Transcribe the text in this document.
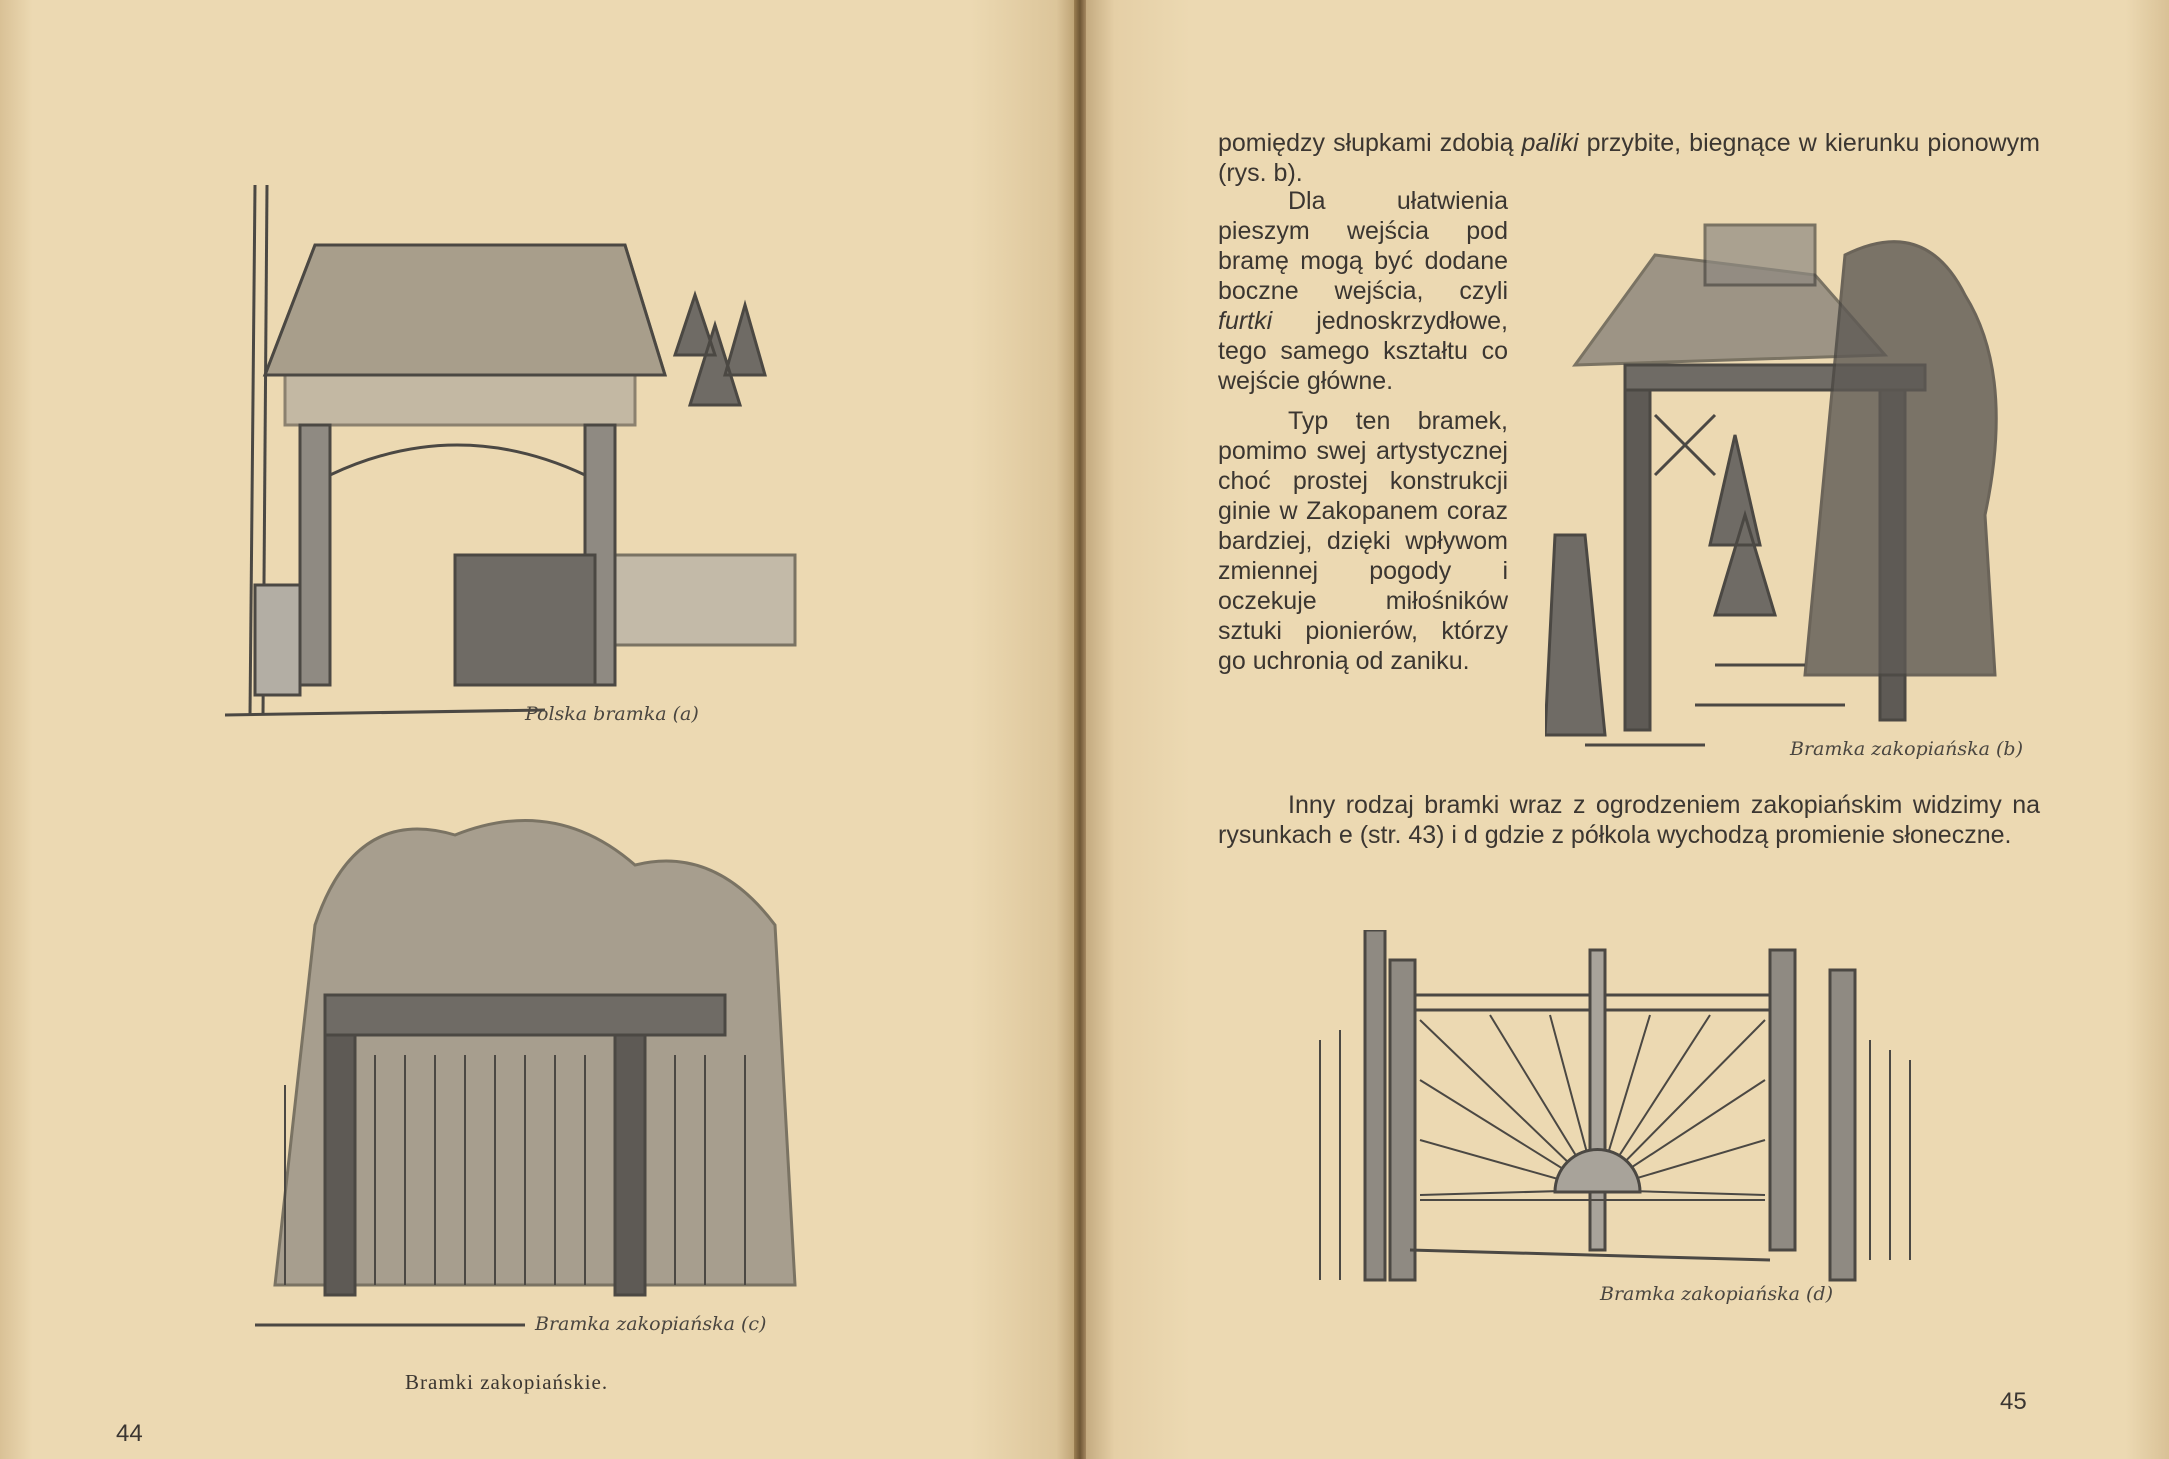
Polska bramka (a)
Bramka zakopiańska (c)
Bramki zakopiańskie.
44
pomiędzy słupkami zdobią paliki przybite, biegnące w kierunku pionowym (rys. b).

Dla ułatwienia pieszym wejścia pod bramę mogą być dodane boczne wejścia, czyli furtki jednoskrzydłowe, tego samego kształtu co wejście główne.

Typ ten bramek, pomimo swej artystycznej choć prostej konstrukcji ginie w Zakopanem coraz bardziej, dzięki wpływom zmiennej pogody i oczekuje miłośników sztuki pionierów, którzy go uchronią od zaniku.

Bramka zakopiańska (b)
Inny rodzaj bramki wraz z ogrodzeniem zakopiańskim widzimy na rysunkach e (str. 43) i d gdzie z półkola wychodzą promienie słoneczne.
Bramka zakopiańska (d)
45
